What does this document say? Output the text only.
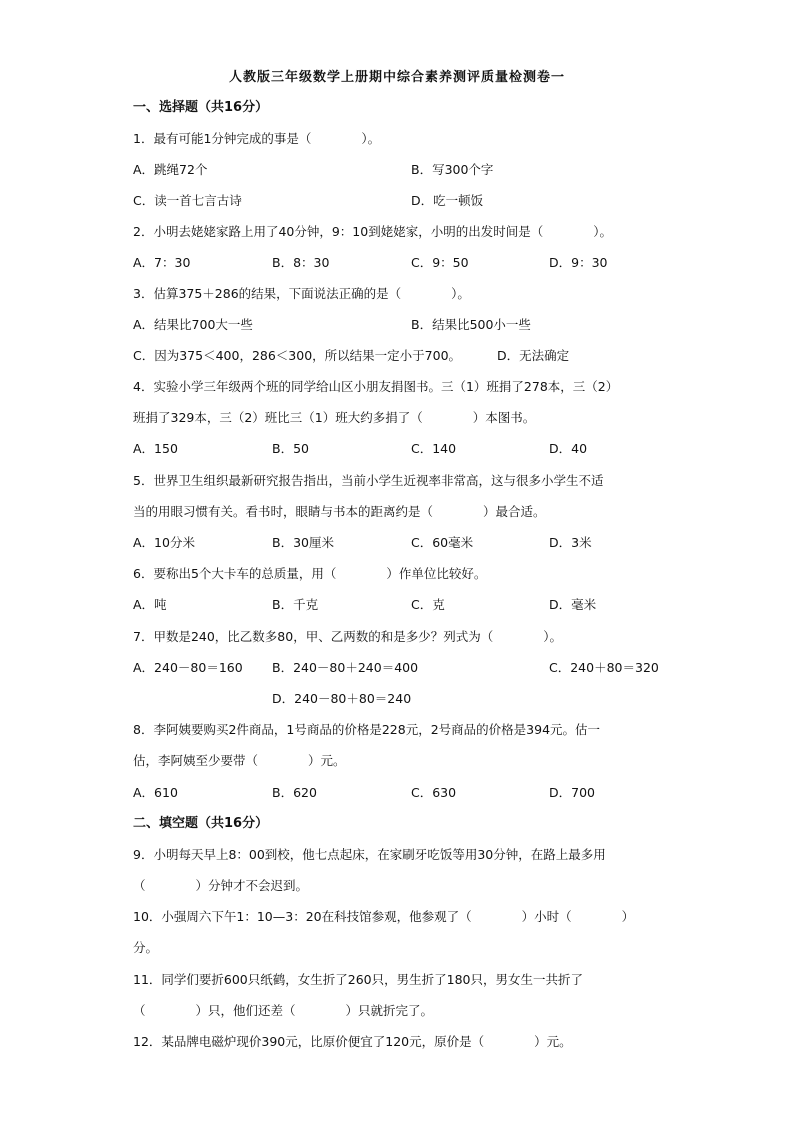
人教版三年级数学上册期中综合素养测评质量检测卷一
一、选择题（共16分）
1．最有可能1分钟完成的事是（　　　　）。
A．跳绳72个	B．写300个字
C．读一首七言古诗	D．吃一顿饭
2．小明去姥姥家路上用了40分钟，9：10到姥姥家，小明的出发时间是（　　　　）。
A．7：30	B．8：30	C．9：50	D．9：30
3．估算375＋286的结果，下面说法正确的是（　　　　）。
A．结果比700大一些	B．结果比500小一些
C．因为375＜400，286＜300，所以结果一定小于700。	D．无法确定
4．实验小学三年级两个班的同学给山区小朋友捐图书。三（1）班捐了278本，三（2）
班捐了329本，三（2）班比三（1）班大约多捐了（　　　　）本图书。
A．150	B．50	C．140	D．40
5．世界卫生组织最新研究报告指出，当前小学生近视率非常高，这与很多小学生不适
当的用眼习惯有关。看书时，眼睛与书本的距离约是（　　　　）最合适。
A．10分米	B．30厘米	C．60毫米	D．3米
6．要称出5个大卡车的总质量，用（　　　　）作单位比较好。
A．吨	B．千克	C．克	D．毫米
7．甲数是240，比乙数多80，甲、乙两数的和是多少？列式为（　　　　）。
A．240－80＝160 B．240－80＋240＝400	C．240＋80＝320
D．240－80＋80＝240
8．李阿姨要购买2件商品，1号商品的价格是228元，2号商品的价格是394元。估一
估，李阿姨至少要带（　　　　）元。
A．610	B．620	C．630	D．700
二、填空题（共16分）
9．小明每天早上8：00到校，他七点起床，在家刷牙吃饭等用30分钟，在路上最多用
（　　　　）分钟才不会迟到。
10．小强周六下午1：10—3：20在科技馆参观，他参观了（　　　　）小时（　　　　）
分。
11．同学们要折600只纸鹤，女生折了260只，男生折了180只，男女生一共折了
（　　　　）只，他们还差（　　　　）只就折完了。
12．某品牌电磁炉现价390元，比原价便宜了120元，原价是（　　　　）元。
